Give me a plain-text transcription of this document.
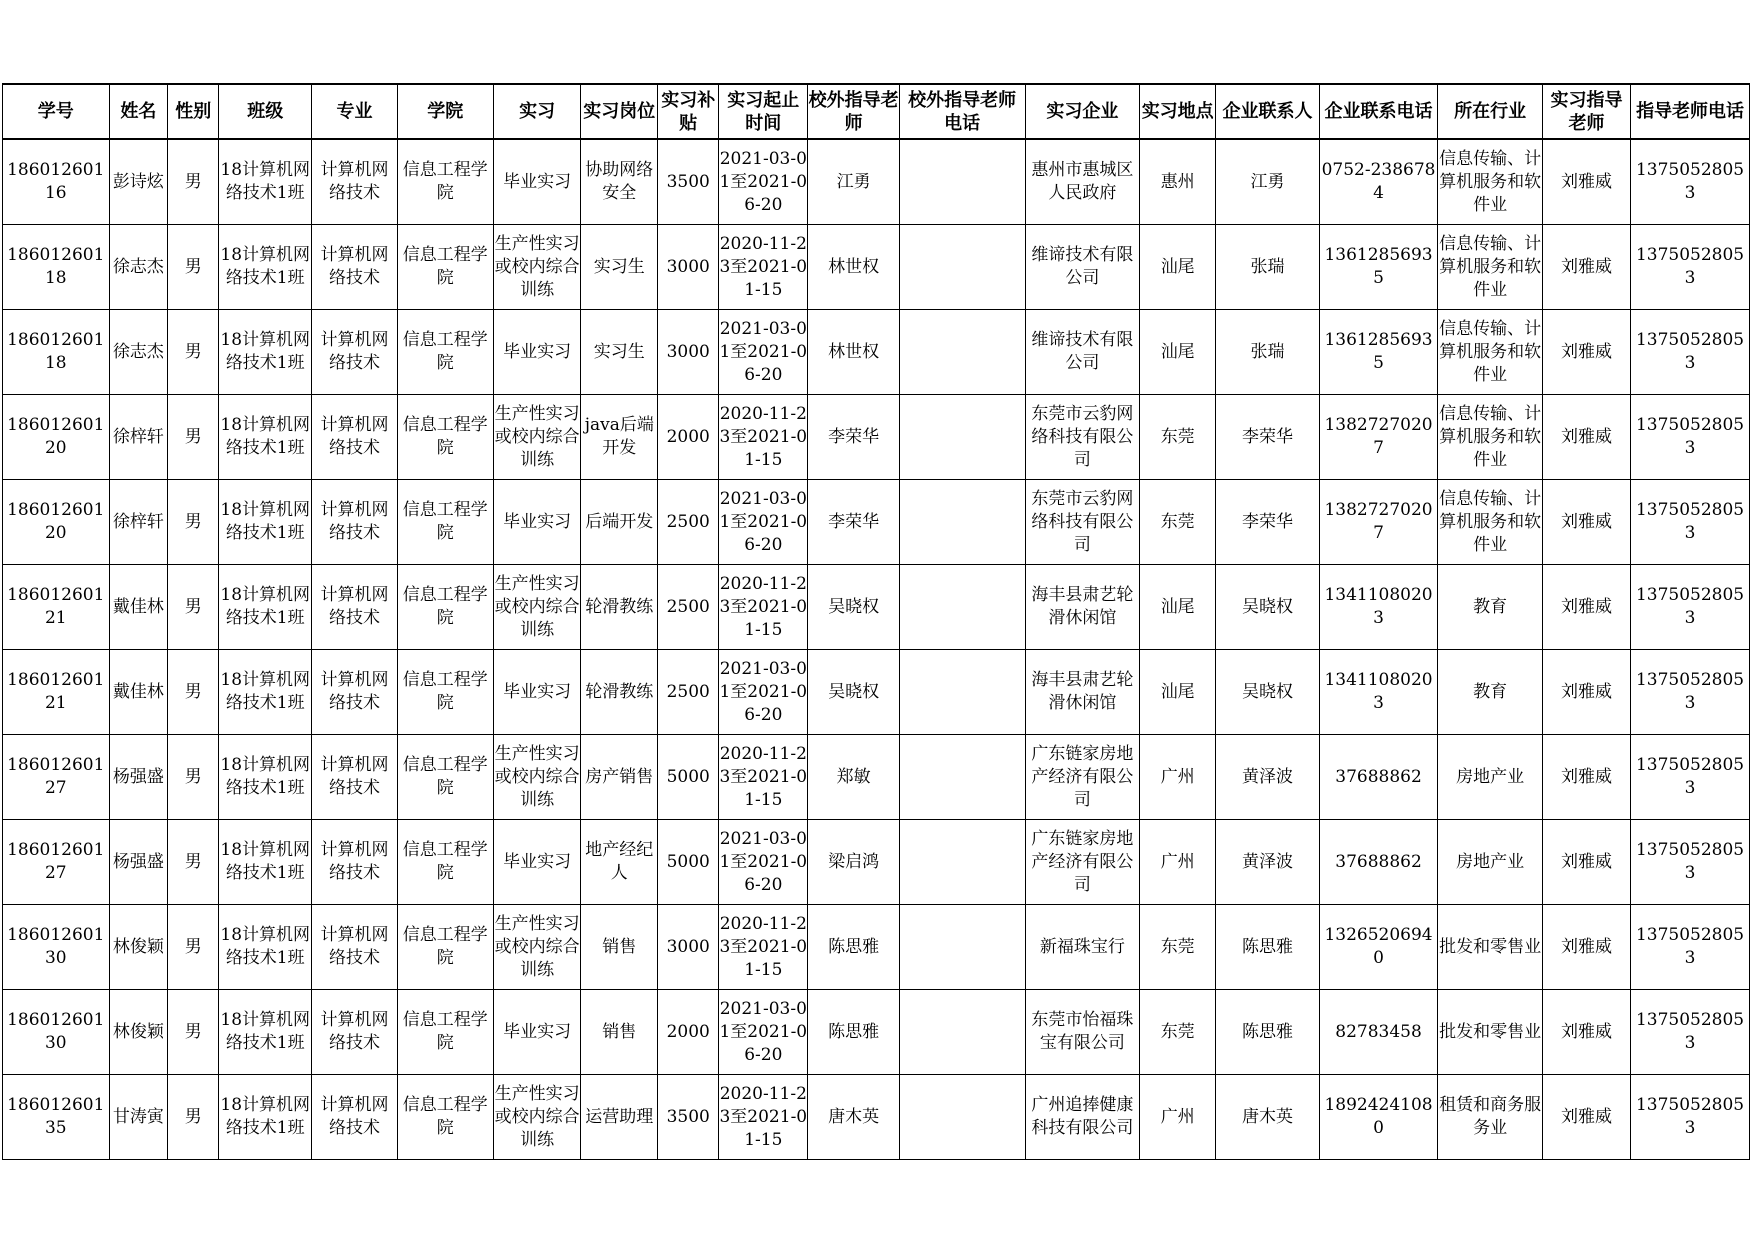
学号	姓名	性别	班级	专业	学院	实习	实习岗位	实习补贴	实习起止时间	校外指导老师	校外指导老师电话	实习企业	实习地点	企业联系人	企业联系电话	所在行业	实习指导老师	指导老师电话

18601260116	彭诗炫	男	18计算机网络技术1班	计算机网络技术	信息工程学院	毕业实习	协助网络安全	3500	2021-03-01至2021-06-20	江勇		惠州市惠城区人民政府	惠州	江勇	0752-2386784	信息传输、计算机服务和软件业	刘雅威	13750528053

18601260118	徐志杰	男	18计算机网络技术1班	计算机网络技术	信息工程学院	生产性实习或校内综合训练	实习生	3000	2020-11-23至2021-01-15	林世权		维谛技术有限公司	汕尾	张瑞	13612856935	信息传输、计算机服务和软件业	刘雅威	13750528053

18601260118	徐志杰	男	18计算机网络技术1班	计算机网络技术	信息工程学院	毕业实习	实习生	3000	2021-03-01至2021-06-20	林世权		维谛技术有限公司	汕尾	张瑞	13612856935	信息传输、计算机服务和软件业	刘雅威	13750528053

18601260120	徐梓轩	男	18计算机网络技术1班	计算机网络技术	信息工程学院	生产性实习或校内综合训练	java后端开发	2000	2020-11-23至2021-01-15	李荣华		东莞市云豹网络科技有限公司	东莞	李荣华	13827270207	信息传输、计算机服务和软件业	刘雅威	13750528053

18601260120	徐梓轩	男	18计算机网络技术1班	计算机网络技术	信息工程学院	毕业实习	后端开发	2500	2021-03-01至2021-06-20	李荣华		东莞市云豹网络科技有限公司	东莞	李荣华	13827270207	信息传输、计算机服务和软件业	刘雅威	13750528053

18601260121	戴佳林	男	18计算机网络技术1班	计算机网络技术	信息工程学院	生产性实习或校内综合训练	轮滑教练	2500	2020-11-23至2021-01-15	吴晓权		海丰县肃艺轮滑休闲馆	汕尾	吴晓权	13411080203	教育	刘雅威	13750528053

18601260121	戴佳林	男	18计算机网络技术1班	计算机网络技术	信息工程学院	毕业实习	轮滑教练	2500	2021-03-01至2021-06-20	吴晓权		海丰县肃艺轮滑休闲馆	汕尾	吴晓权	13411080203	教育	刘雅威	13750528053

18601260127	杨强盛	男	18计算机网络技术1班	计算机网络技术	信息工程学院	生产性实习或校内综合训练	房产销售	5000	2020-11-23至2021-01-15	郑敏		广东链家房地产经济有限公司	广州	黄泽波	37688862	房地产业	刘雅威	13750528053

18601260127	杨强盛	男	18计算机网络技术1班	计算机网络技术	信息工程学院	毕业实习	地产经纪人	5000	2021-03-01至2021-06-20	梁启鸿		广东链家房地产经济有限公司	广州	黄泽波	37688862	房地产业	刘雅威	13750528053

18601260130	林俊颖	男	18计算机网络技术1班	计算机网络技术	信息工程学院	生产性实习或校内综合训练	销售	3000	2020-11-23至2021-01-15	陈思雅		新福珠宝行	东莞	陈思雅	13265206940	批发和零售业	刘雅威	13750528053

18601260130	林俊颖	男	18计算机网络技术1班	计算机网络技术	信息工程学院	毕业实习	销售	2000	2021-03-01至2021-06-20	陈思雅		东莞市怡福珠宝有限公司	东莞	陈思雅	82783458	批发和零售业	刘雅威	13750528053

18601260135	甘涛寅	男	18计算机网络技术1班	计算机网络技术	信息工程学院	生产性实习或校内综合训练	运营助理	3500	2020-11-23至2021-01-15	唐木英		广州追捧健康科技有限公司	广州	唐木英	18924241080	租赁和商务服务业	刘雅威	13750528053
